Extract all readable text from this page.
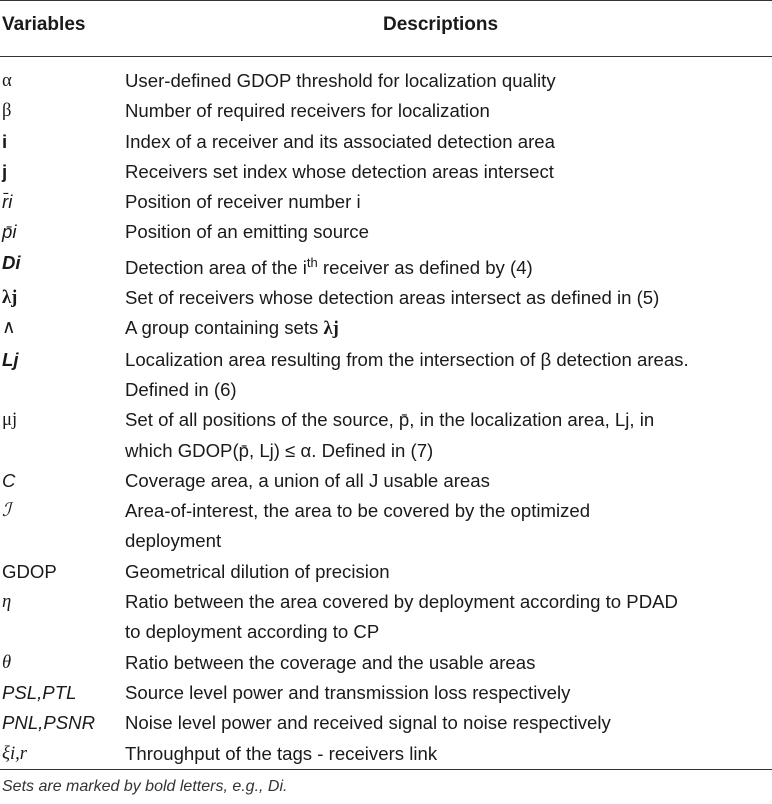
Variables	Descriptions
α	User-defined GDOP threshold for localization quality
β	Number of required receivers for localization
i	Index of a receiver and its associated detection area
j	Receivers set index whose detection areas intersect
r̄i	Position of receiver number i
p̄i	Position of an emitting source
Di	Detection area of the $i^{th}$ receiver as defined by (4)
λj	Set of receivers whose detection areas intersect as defined in (5)
∧	A group containing sets λj
Lj	Localization area resulting from the intersection of β detection areas.
Defined in (6)

μj	Set of all positions of the source, p̄, in the localization area, Lj, in
which GDOP(p̄, Lj) ≤ α. Defined in (7)

C	Coverage area, a union of all J usable areas
ℐ	Area-of-interest, the area to be covered by the optimized
deployment

GDOP	Geometrical dilution of precision
η	Ratio between the area covered by deployment according to PDAD
to deployment according to CP

θ	Ratio between the coverage and the usable areas
PSL,PTL	Source level power and transmission loss respectively
PNL,PSNR	Noise level power and received signal to noise respectively
ξi,r	Throughput of the tags - receivers link
Sets are marked by bold letters, e.g., Di.
